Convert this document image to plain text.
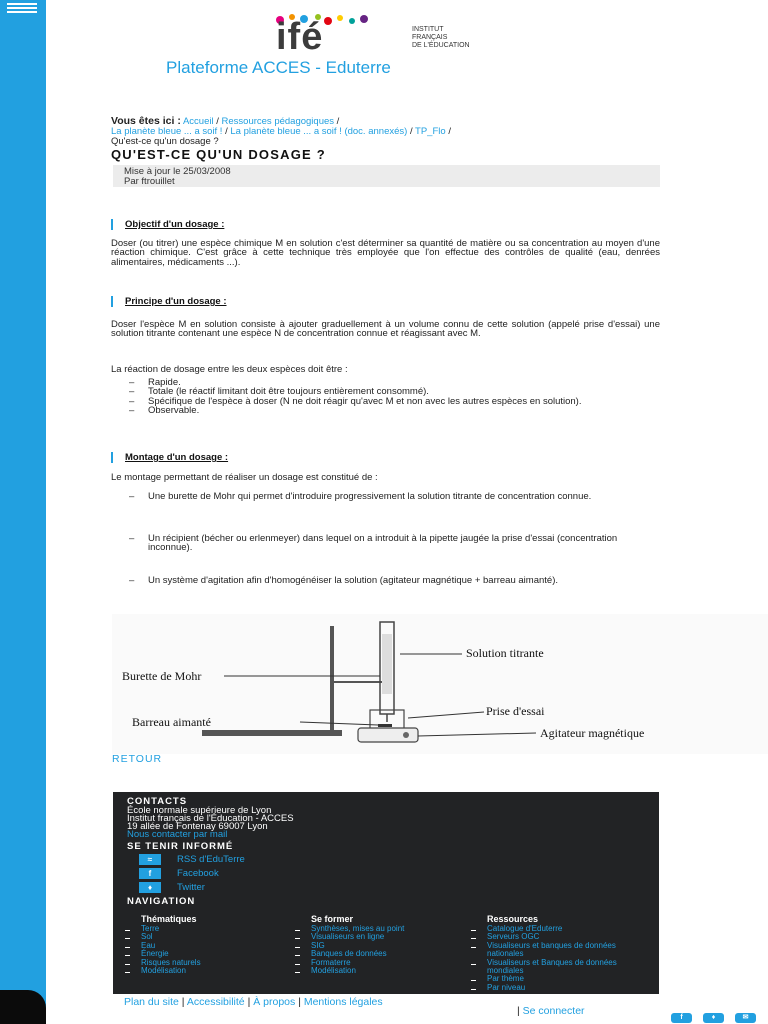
ifé	INSTITUT
FRANÇAIS
DE L'ÉDUCATION
Plateforme ACCES - Eduterre
Vous êtes ici : Accueil / Ressources pédagogiques /
La planète bleue ... a soif ! / La planète bleue ... a soif ! (doc. annexés) / TP_Flo /
Qu'est-ce qu'un dosage ?
QU'EST-CE QU'UN DOSAGE ?
Mise à jour le 25/03/2008
Par ftrouillet
Objectif d'un dosage :
Doser (ou titrer) une espèce chimique M en solution c'est déterminer sa quantité de matière ou sa concentration au moyen d'une réaction chimique. C'est grâce à cette technique très employée que l'on effectue des contrôles de qualité (eau, denrées alimentaires, médicaments ...).
Principe d'un dosage :
Doser l'espèce M en solution consiste à ajouter graduellement à un volume connu de cette solution (appelé prise d'essai) une solution titrante contenant une espèce N de concentration connue et réagissant avec M.
La réaction de dosage entre les deux espèces doit être :
– Rapide.
– Totale (le réactif limitant doit être toujours entièrement consommé).
– Spécifique de l'espèce à doser (N ne doit réagir qu'avec M et non avec les autres espèces en solution).
– Observable.
Montage d'un dosage :
Le montage permettant de réaliser un dosage est constitué de :
– Une burette de Mohr qui permet d'introduire progressivement la solution titrante de concentration connue.
– Un récipient (bécher ou erlenmeyer) dans lequel on a introduit à la pipette jaugée la prise d'essai (concentration inconnue).
– Un système d'agitation afin d'homogénéiser la solution (agitateur magnétique + barreau aimanté).
Burette de Mohr
Solution titrante
Prise d'essai
Barreau aimanté
Agitateur magnétique
RETOUR
CONTACTS
École normale supérieure de Lyon
Institut français de l'Éducation - ACCES
19 allée de Fontenay 69007 Lyon
Nous contacter par mail
SE TENIR INFORMÉ
≈	RSS d'EduTerre
f	Facebook
♦	Twitter
NAVIGATION
Thématiques
Terre
Sol
Eau
Énergie
Risques naturels
Modélisation
Se former
Synthèses, mises au point
Visualiseurs en ligne
SIG
Banques de données
Formaterre
Modélisation
Ressources
Catalogue d'Eduterre
Serveurs OGC
Visualiseurs et banques de données nationales
Visualiseurs et Banques de données mondiales
Par thème
Par niveau
Plan du site | Accessibilité | À propos | Mentions légales
| Se connecter
f	♦	✉
